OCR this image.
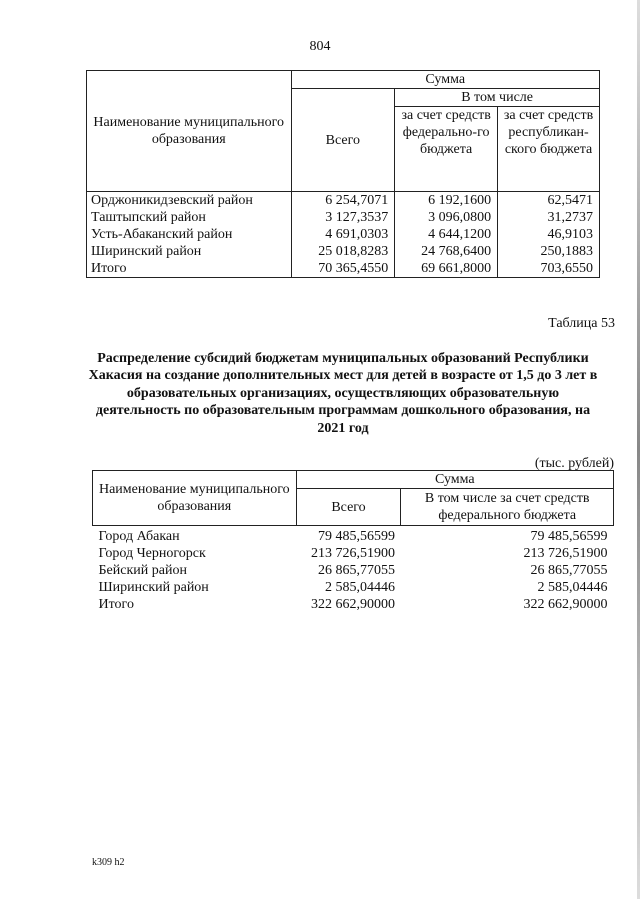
804
Наименование муниципального образования	Сумма		
	Всего	В том числе	
		за счет средств федерально-го бюджета	за счет средств республикан-ского бюджета
Орджоникидзевский район	6 254,7071	6 192,1600	62,5471
Таштыпский район	3 127,3537	3 096,0800	31,2737
Усть-Абаканский район	4 691,0303	4 644,1200	46,9103
Ширинский район	25 018,8283	24 768,6400	250,1883
Итого	70 365,4550	69 661,8000	703,6550
Таблица 53
Распределение субсидий бюджетам муниципальных образований Республики Хакасия на создание дополнительных мест для детей в возрасте от 1,5 до 3 лет в образовательных организациях, осуществляющих образовательную деятельность по образовательным программам дошкольного образования, на 2021 год
(тыс. рублей)
Наименование муниципального образования	Сумма	
	Всего	В том числе за счет средств федерального бюджета
Город Абакан	79 485,56599	79 485,56599
Город Черногорск	213 726,51900	213 726,51900
Бейский район	26 865,77055	26 865,77055
Ширинский район	2 585,04446	2 585,04446
Итого	322 662,90000	322 662,90000
k309 h2
